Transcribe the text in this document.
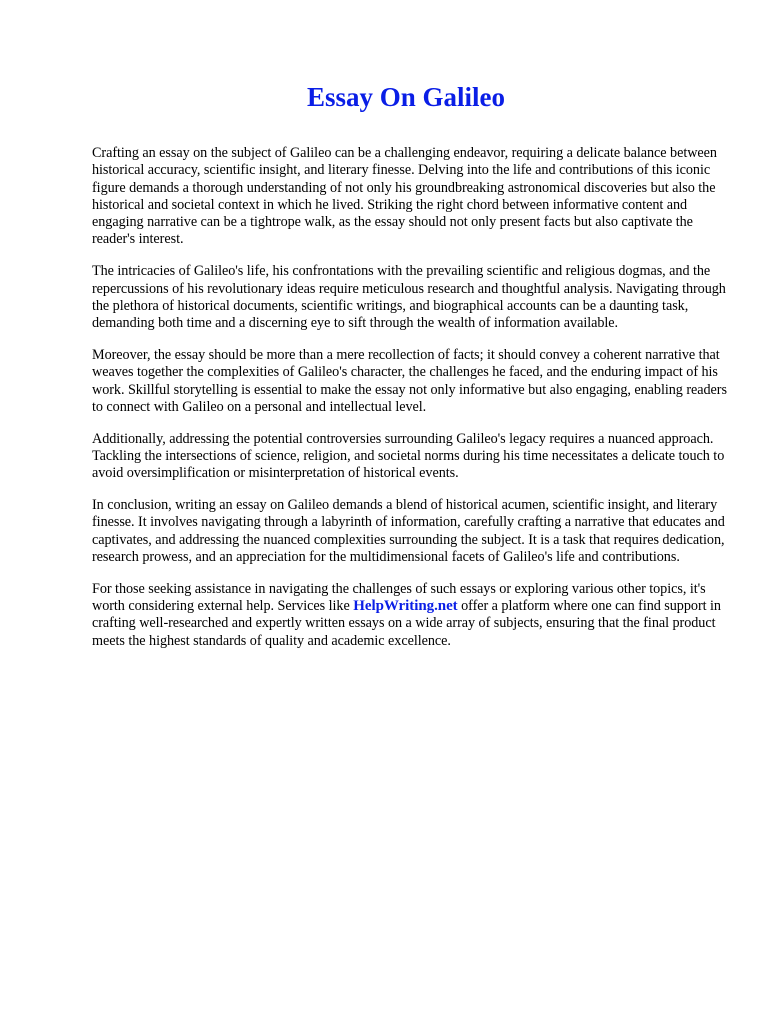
Essay On Galileo

Crafting an essay on the subject of Galileo can be a challenging endeavor, requiring a delicate balance between historical accuracy, scientific insight, and literary finesse. Delving into the life and contributions of this iconic figure demands a thorough understanding of not only his groundbreaking astronomical discoveries but also the historical and societal context in which he lived. Striking the right chord between informative content and engaging narrative can be a tightrope walk, as the essay should not only present facts but also captivate the reader's interest.

The intricacies of Galileo's life, his confrontations with the prevailing scientific and religious dogmas, and the repercussions of his revolutionary ideas require meticulous research and thoughtful analysis. Navigating through the plethora of historical documents, scientific writings, and biographical accounts can be a daunting task, demanding both time and a discerning eye to sift through the wealth of information available.

Moreover, the essay should be more than a mere recollection of facts; it should convey a coherent narrative that weaves together the complexities of Galileo's character, the challenges he faced, and the enduring impact of his work. Skillful storytelling is essential to make the essay not only informative but also engaging, enabling readers to connect with Galileo on a personal and intellectual level.

Additionally, addressing the potential controversies surrounding Galileo's legacy requires a nuanced approach. Tackling the intersections of science, religion, and societal norms during his time necessitates a delicate touch to avoid oversimplification or misinterpretation of historical events.

In conclusion, writing an essay on Galileo demands a blend of historical acumen, scientific insight, and literary finesse. It involves navigating through a labyrinth of information, carefully crafting a narrative that educates and captivates, and addressing the nuanced complexities surrounding the subject. It is a task that requires dedication, research prowess, and an appreciation for the multidimensional facets of Galileo's life and contributions.

For those seeking assistance in navigating the challenges of such essays or exploring various other topics, it's worth considering external help. Services like HelpWriting.net offer a platform where one can find support in crafting well-researched and expertly written essays on a wide array of subjects, ensuring that the final product meets the highest standards of quality and academic excellence.
